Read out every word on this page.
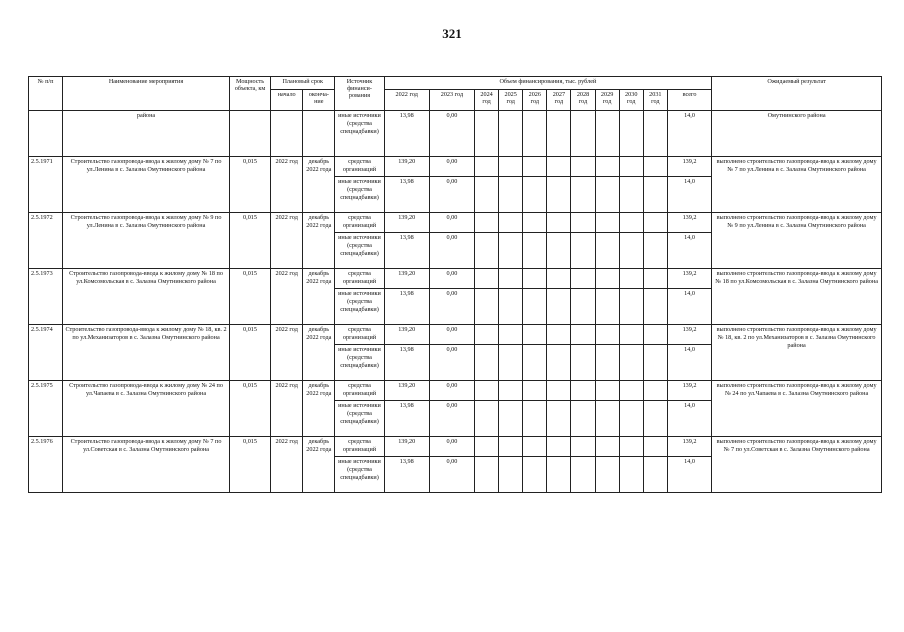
321
№ п/п	Наименование мероприятия	Мощность объекта, км	Плановый срок		Источник финанси-рования	Объем финансирования, тыс. рублей											Ожидаемый результат
			начало	оконча-ние		2022 год	2023 год	2024 год	2025 год	2026 год	2027 год	2028 год	2029 год	2030 год	2031 год	всего	
	района				иные источники (средства спецнадбавки)	13,98	0,00									14,0	Омутнинского района
2.5.1971	Строительство газопровода-ввода к жилому дому № 7 по ул.Ленина в с. Залазна Омутнинского района	0,015	2022 год	декабрь 2022 года	средства организаций	139,20	0,00									139,2	выполнено строительство газопровода-ввода к жилому дому № 7 по ул.Ленина в с. Залазна Омутнинского района
					иные источники (средства спецнадбавки)	13,98	0,00									14,0	
2.5.1972	Строительство газопровода-ввода к жилому дому № 9 по ул.Ленина в с. Залазна Омутнинского района	0,015	2022 год	декабрь 2022 года	средства организаций	139,20	0,00									139,2	выполнено строительство газопровода-ввода к жилому дому № 9 по ул.Ленина в с. Залазна Омутнинского района
					иные источники (средства спецнадбавки)	13,98	0,00									14,0	
2.5.1973	Строительство газопровода-ввода к жилому дому № 18 по ул.Комсомольская в с. Залазна Омутнинского района	0,015	2022 год	декабрь 2022 года	средства организаций	139,20	0,00									139,2	выполнено строительство газопровода-ввода к жилому дому № 18 по ул.Комсомольская в с. Залазна Омутнинского района
					иные источники (средства спецнадбавки)	13,98	0,00									14,0	
2.5.1974	Строительство газопровода-ввода к жилому дому № 18, кв. 2 по ул.Механизаторов в с. Залазна Омутнинского района	0,015	2022 год	декабрь 2022 года	средства организаций	139,20	0,00									139,2	выполнено строительство газопровода-ввода к жилому дому № 18, кв. 2 по ул.Механизаторов в с. Залазна Омутнинского района
					иные источники (средства спецнадбавки)	13,98	0,00									14,0	
2.5.1975	Строительство газопровода-ввода к жилому дому № 24 по ул.Чапаева в с. Залазна Омутнинского района	0,015	2022 год	декабрь 2022 года	средства организаций	139,20	0,00									139,2	выполнено строительство газопровода-ввода к жилому дому № 24 по ул.Чапаева в с. Залазна Омутнинского района
					иные источники (средства спецнадбавки)	13,98	0,00									14,0	
2.5.1976	Строительство газопровода-ввода к жилому дому № 7 по ул.Советская в с. Залазна Омутнинского района	0,015	2022 год	декабрь 2022 года	средства организаций	139,20	0,00									139,2	выполнено строительство газопровода-ввода к жилому дому № 7 по ул.Советская в с. Залазна Омутнинского района
					иные источники (средства спецнадбавки)	13,98	0,00									14,0	
